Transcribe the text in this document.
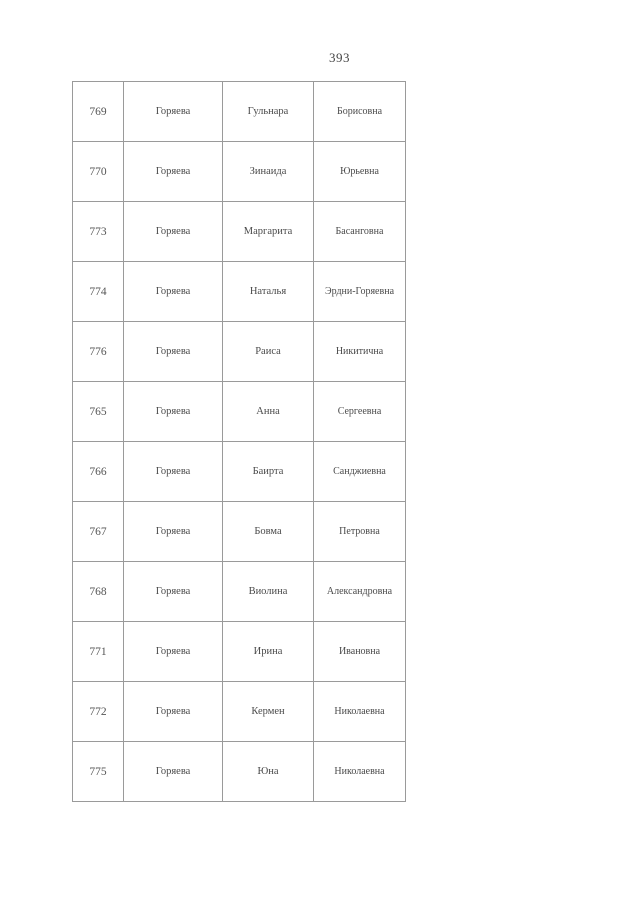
393
769	Горяева	Гульнара	Борисовна
770	Горяева	Зинаида	Юрьевна
773	Горяева	Маргарита	Басанговна
774	Горяева	Наталья	Эрдни-Горяевна
776	Горяева	Раиса	Никитична
765	Горяева	Анна	Сергеевна
766	Горяева	Баирта	Санджиевна
767	Горяева	Бовма	Петровна
768	Горяева	Виолина	Александровна
771	Горяева	Ирина	Ивановна
772	Горяева	Кермен	Николаевна
775	Горяева	Юна	Николаевна
